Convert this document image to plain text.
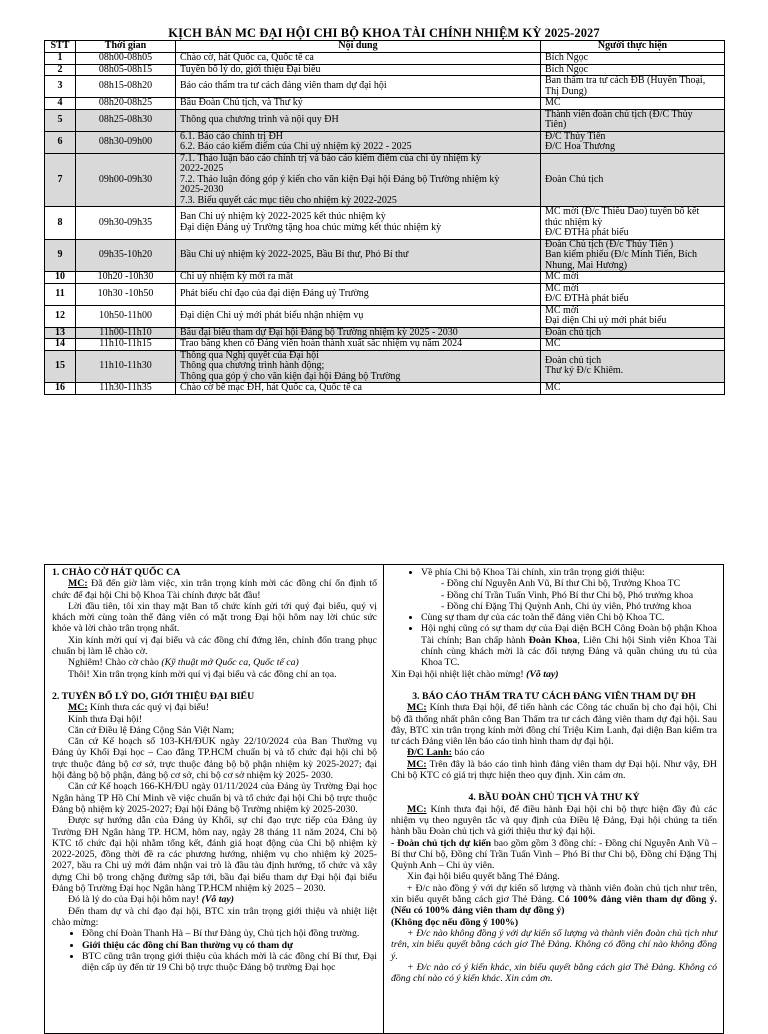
KỊCH BẢN MC ĐẠI HỘI CHI BỘ KHOA TÀI CHÍNH NHIỆM KỲ 2025-2027
STT	Thời gian	Nội dung	Người thực hiện
1	08h00-08h05	Chào cờ, hát Quốc ca, Quốc tế ca	Bích Ngọc
2	08h05-08h15	Tuyên bố lý do, giới thiệu Đại biểu	Bích Ngọc
3	08h15-08h20	Báo cáo thẩm tra tư cách đảng viên tham dự đại hội	Ban thẩm tra tư cách ĐB (Huyền Thoại,
Thị Dung)
4	08h20-08h25	Bầu Đoàn Chủ tịch, và Thư ký	MC
5	08h25-08h30	Thông qua chương trình và nội quy ĐH	Thành viên đoàn chủ tịch (Đ/C Thủy
Tiên)
6	08h30-09h00	6.1. Báo cáo chính trị ĐH
6.2. Báo cáo kiểm điểm của Chi uỷ nhiệm kỳ 2022 - 2025	Đ/C Thủy Tiên
Đ/C Hoa Thương
7	09h00-09h30	7.1. Thảo luận báo cáo chính trị và báo cáo kiểm điểm của chi ủy nhiệm kỳ
2022-2025
7.2. Thảo luận đóng góp ý kiến cho văn kiện Đại hội Đảng bộ Trường nhiệm kỳ
2025-2030
7.3. Biểu quyết các mục tiêu cho nhiệm kỳ 2022-2025	Đoàn Chủ tịch
8	09h30-09h35	Ban Chi uỷ nhiệm kỳ 2022-2025 kết thúc nhiệm kỳ
Đại diện Đảng uỷ Trường tặng hoa chúc mừng kết thúc nhiệm kỳ	MC mời (Đ/c Thiều Dao) tuyên bố kết
thúc nhiệm kỳ
Đ/C ĐTHà phát biểu
9	09h35-10h20	Bầu Chi uỷ nhiệm kỳ 2022-2025, Bầu Bí thư, Phó Bí thư	Đoàn Chủ tịch (Đ/c Thủy Tiên )
Ban kiểm phiếu (Đ/c Minh Tiến, Bích
Nhung, Mai Hương)
10	10h20 -10h30	Chi uỷ nhiệm kỳ mới ra mắt	MC mời
11	10h30 -10h50	Phát biểu chỉ đạo của đại diện Đảng uỷ Trường	MC mời
Đ/C ĐTHà phát biểu
12	10h50-11h00	Đại diện Chi uỷ mới phát biểu nhận nhiệm vụ	MC mời
Đại diện Chi uỷ mới phát biểu
13	11h00-11h10	Bầu đại biểu tham dự Đại hội Đảng bộ Trường nhiệm kỳ 2025 - 2030	Đoàn chủ tịch
14	11h10-11h15	Trao bằng khen cố Đảng viên hoàn thành xuất sắc nhiệm vụ năm 2024	MC
15	11h10-11h30	Thông qua Nghị quyết của Đại hội
Thông qua chương trình hành động;
Thông qua góp ý cho văn kiện đại hội Đảng bộ Trường	Đoàn chủ tịch
Thư ký Đ/c Khiêm.
16	11h30-11h35	Chào cờ bế mạc ĐH, hát Quốc ca, Quốc tế ca	MC

1. CHÀO CỜ HÁT QUỐC CA

MC: Đã đến giờ làm việc, xin trân trọng kính mời các đồng chí ổn định tổ chức để đại hội Chi bộ Khoa Tài chính được bắt đầu!

Lời đầu tiên, tôi xin thay mặt Ban tổ chức kính gửi tới quý đại biểu, quý vị khách mời cùng toàn thể đảng viên có mặt trong Đại hội hôm nay lời chúc sức khỏe và lời chào trân trọng nhất.

Xin kính mời quí vị đại biểu và các đồng chí đứng lên, chỉnh đốn trang phục chuẩn bị làm lễ chào cờ.

Nghiêm! Chào cờ chào (Kỹ thuật mở Quốc ca, Quốc tế ca)

Thôi! Xin trân trọng kính mời quí vị đại biểu và các đồng chí an tọa.

2. TUYÊN BỐ LÝ DO, GIỚI THIỆU ĐẠI BIỂU

MC: Kính thưa các quý vị đại biểu!

Kính thưa Đại hội!

Căn cứ Điều lệ Đảng Cộng Sản Việt Nam;

Căn cứ Kế hoạch số 103-KH/ĐUK ngày 22/10/2024 của Ban Thường vụ Đảng ủy Khối Đại học – Cao đẳng TP.HCM chuẩn bị và tổ chức đại hội chi bộ trực thuộc đảng bộ cơ sở, trực thuộc đảng bộ bộ phận nhiệm kỳ 2025-2027; đại hội đảng bộ bộ phận, đảng bộ cơ sở, chi bộ cơ sở nhiệm kỳ 2025- 2030.

Căn cứ Kế hoạch 166-KH/ĐU ngày 01/11/2024 của Đảng ủy Trường Đại học Ngân hàng TP Hồ Chí Minh về việc chuẩn bị và tổ chức đại hội Chi bộ trực thuộc Đảng bộ nhiệm kỳ 2025-2027; Đại hội Đảng bộ Trường nhiệm kỳ 2025-2030.

Được sự hướng dẫn của Đảng ủy Khối, sự chỉ đạo trực tiếp của Đảng ủy Trường ĐH Ngân hàng TP. HCM, hôm nay, ngày 28 tháng 11 năm 2024, Chi bộ KTC tổ chức đại hội nhằm tổng kết, đánh giá hoạt động của Chi bộ nhiệm kỳ 2022-2025, đồng thời đề ra các phương hướng, nhiệm vụ cho nhiệm kỳ 2025-2027, bầu ra Chi uỷ mới đảm nhận vai trò là đầu tàu định hướng, tổ chức và xây dựng Chi bộ trong chặng đường sắp tới, bầu đại biểu tham dự Đại hội đại biểu Đảng bộ Trường Đại học Ngân hàng TP.HCM nhiệm kỳ 2025 – 2030.

Đó là lý do của Đại hội hôm nay! (Vỗ tay)

Đến tham dự và chỉ đạo đại hội, BTC xin trân trọng giới thiệu và nhiệt liệt chào mừng:

• Đồng chí Đoàn Thanh Hà – Bí thư Đảng ủy, Chủ tịch hội đồng trường.
• Giới thiệu các đồng chí Ban thường vụ có tham dự
• BTC cũng trân trọng giới thiệu của khách mời là các đồng chí Bí thư, Đại diện cấp ủy đến từ 19 Chi bộ trực thuộc Đảng bộ trường Đại học
• Về phía Chi bộ Khoa Tài chính, xin trân trọng giới thiệu:
- Đồng chí Nguyễn Anh Vũ, Bí thư Chi bộ, Trưởng Khoa TC
- Đồng chí Trần Tuấn Vinh, Phó Bí thư Chi bộ, Phó trưởng khoa
- Đồng chí Đặng Thị Quỳnh Anh, Chi ủy viên, Phó trưởng khoa
• Cùng sự tham dự của các toàn thể đảng viên Chi bộ Khoa TC.
• Hội nghị cũng có sự tham dự của Đại diện BCH Công Đoàn bộ phận Khoa Tài chính; Ban chấp hành Đoàn Khoa, Liên Chi hội Sinh viên Khoa Tài chính cùng khách mời là các đối tượng Đảng và quần chúng ưu tú của Khoa TC.

Xin Đại hội nhiệt liệt chào mừng! (Vỗ tay)

3. BÁO CÁO THẨM TRA TƯ CÁCH ĐẢNG VIÊN THAM DỰ ĐH

MC: Kính thưa Đại hội, để tiến hành các Công tác chuẩn bị cho đại hội, Chi bộ đã thống nhất phân công Ban Thẩm tra tư cách đảng viên tham dự đại hội. Sau đây, BTC xin trân trọng kính mời đồng chí Triệu Kim Lanh, đại diện Ban kiểm tra tư cách Đảng viên lên báo cáo tình hình tham dự đại hội.

Đ/C Lanh: báo cáo

MC: Trên đây là báo cáo tình hình đảng viên tham dự Đại hội. Như vậy, ĐH Chi bộ KTC có giá trị thực hiện theo quy định. Xin cảm ơn.

4. BẦU ĐOÀN CHỦ TỊCH VÀ THƯ KÝ

MC: Kính thưa đại hội, để điều hành Đại hội chi bộ thực hiện đầy đủ các nhiệm vụ theo nguyên tắc và quy định của Điều lệ Đảng, Đại hội chúng ta tiến hành bầu Đoàn chủ tịch và giới thiệu thư ký đại hội.

- Đoàn chủ tịch dự kiến bao gồm gồm 3 đồng chí: - Đồng chí Nguyễn Anh Vũ – Bí thư Chi bộ, Đồng chí Trần Tuấn Vinh – Phó Bí thư Chi bộ, Đồng chí Đặng Thị Quỳnh Anh – Chi ủy viên.

Xin đại hội biểu quyết bằng Thẻ Đảng.

+ Đ/c nào đồng ý với dự kiến số lượng và thành viên đoàn chủ tịch như trên, xin biểu quyết bằng cách giơ Thẻ Đảng. Có 100% đảng viên tham dự đồng ý. (Nếu có 100% đảng viên tham dự đồng ý)

(Không đọc nếu đồng ý 100%)

+ Đ/c nào không đồng ý với dự kiến số lượng và thành viên đoàn chủ tịch như trên, xin biểu quyết bằng cách giơ Thẻ Đảng. Không có đồng chí nào không đồng ý.

+ Đ/c nào có ý kiến khác, xin biểu quyết bằng cách giơ Thẻ Đảng. Không có đồng chí nào có ý kiến khác. Xin cảm ơn.
